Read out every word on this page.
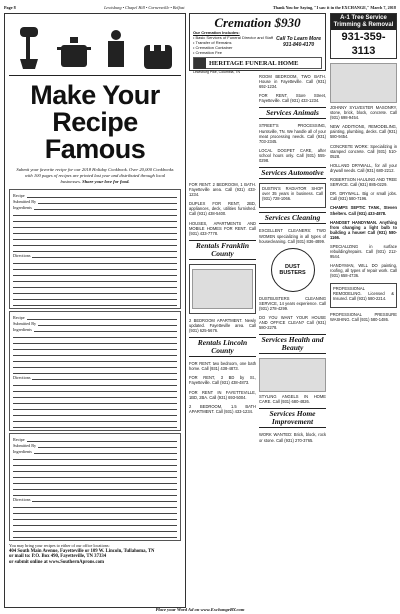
Page 8	Lewisburg • Chapel Hill • Cornersville • Belfast	Thank You for Saying, "I saw it in the EXCHANGE," March 7, 2018
Make Your Recipe Famous
Submit your favorite recipe for our 2018 Holiday Cookbook. Over 20,000 Cookbooks with 100 pages of recipes are printed last year and distributed through local businesses. Share your love for food.
Recipe
Submitted By
Ingredients
Directions
Recipe
Submitted By
Ingredients
Directions
Recipe
Submitted By
Ingredients
Directions
You may bring your recipes to either of our office locations:
404 South Main Avenue, Fayetteville or 109 W. Lincoln, Tullahoma, TN
or mail to: P.O. Box 490, Fayetteville, TN 37334
or submit online at www.SouthernAprons.com
Cremation $930
Our Cremation Includes:
• Basic Services of Funeral Director and Staff
• Transfer of Remains
• Cremation Container
• Cremation Fee
Call To Learn More
931-840-4170
HERITAGE FUNERAL HOME
Lewisburg Pike, Columbia, TN
FOR RENT: 2 BEDROOM, 1 BATH. Fayetteville area. Call (931) 433-1234.
DUPLEX FOR RENT, 2BD, appliances, deck, utilities furnished. Call (931) 438-5400.
HOUSES, APARTMENTS AND MOBILE HOMES FOR RENT. Call (931) 433-7778.
Rentals Franklin County
2 BEDROOM APARTMENT. Newly updated. Fayetteville area. Call (931) 625-5676.
Rentals Lincoln County
FOR RENT: two bedroom, one bath home. Call (931) 438-4873.
FOR RENT, 3 BD by St., Fayetteville. Call (931) 438-4873.
FOR RENT IN FAYETTEVILLE, 1BD, 2BA. Call (931) 693-5004.
2 BEDROOM, 1.5 BATH APARTMENT. Call (931) 433-1234.
ROOM BEDROOM, TWO BATH. House in Fayetteville. Call (931) 692-1234.
FOR RENT, Store Street, Fayetteville. Call (931) 433-1234.
Services Animals
STREET'S PROCESSING, Huntsville, TN. We handle all of your meat processing needs. Call (931) 703-2345.
LOCAL DOGPET CARE, after school hours only. Call (931) 555-0298.
Services Automotive
DUSTIN'S RADIATOR SHOP over 35 years in business. Call (931) 728-1066.
Services Cleaning
EXCELLENT CLEANERS: TWO WOMEN specializing in all types of housecleaning. Call (931) 836-4899.
DUST BUSTERS
DUSTBUSTERS CLEANING SERVICE, 14 years experience. Call (931) 278-4299.
DO YOU WANT YOUR HOUSE AND OFFICE CLEAN? Call (931) 580-2278.
Services Health and Beauty
STYLING ANGELS IN HOME CARE. Call (931) 680-4826.
Services Home Improvement
WORK WANTED: Brick, block, rock or stone. Call (931) 270-3765.
A-1 Tree Service Trimming & Removal
931-359-3113
JOHNNY SYLVESTER MASONRY, stone, brick, block, concrete. Call (931) 698-9454.
NEW ADDITIONS, REMODELING, painting, plumbing, decks. Call (931) 580-9454.
CONCRETE WORK: Specializing in stamped concrete. Call (931) 510-0528.
HOLLAND DRYWALL, for all your drywall needs. Call (931) 680-2212.
ROBERTSON HAULING AND TREE SERVICE. Call (931) 885-0229.
DR. DRYWALL. Big or small jobs. Call (931) 580-7196.
CHAMPS SEPTIC TANK, Steven Shelters. Call (931) 433-4878.
HANDSET HANDYMAN. Anything from changing a light bulb to building a house! Call (931) 580-1166.
SPECIALIZING in surface rebuilding/repairs. Call (931) 212-9544.
HANDYMAN, WILL DO painting, roofing, all types of repair work. Call (931) 658-4736.
PROFESSIONAL REMODELING. Licensed & Insured. Call (931) 580-2214.
PROFESSIONAL PRESSURE WASHING. Call (931) 580-1486.
Place your Word Ad on www.ExchangeBY.com
